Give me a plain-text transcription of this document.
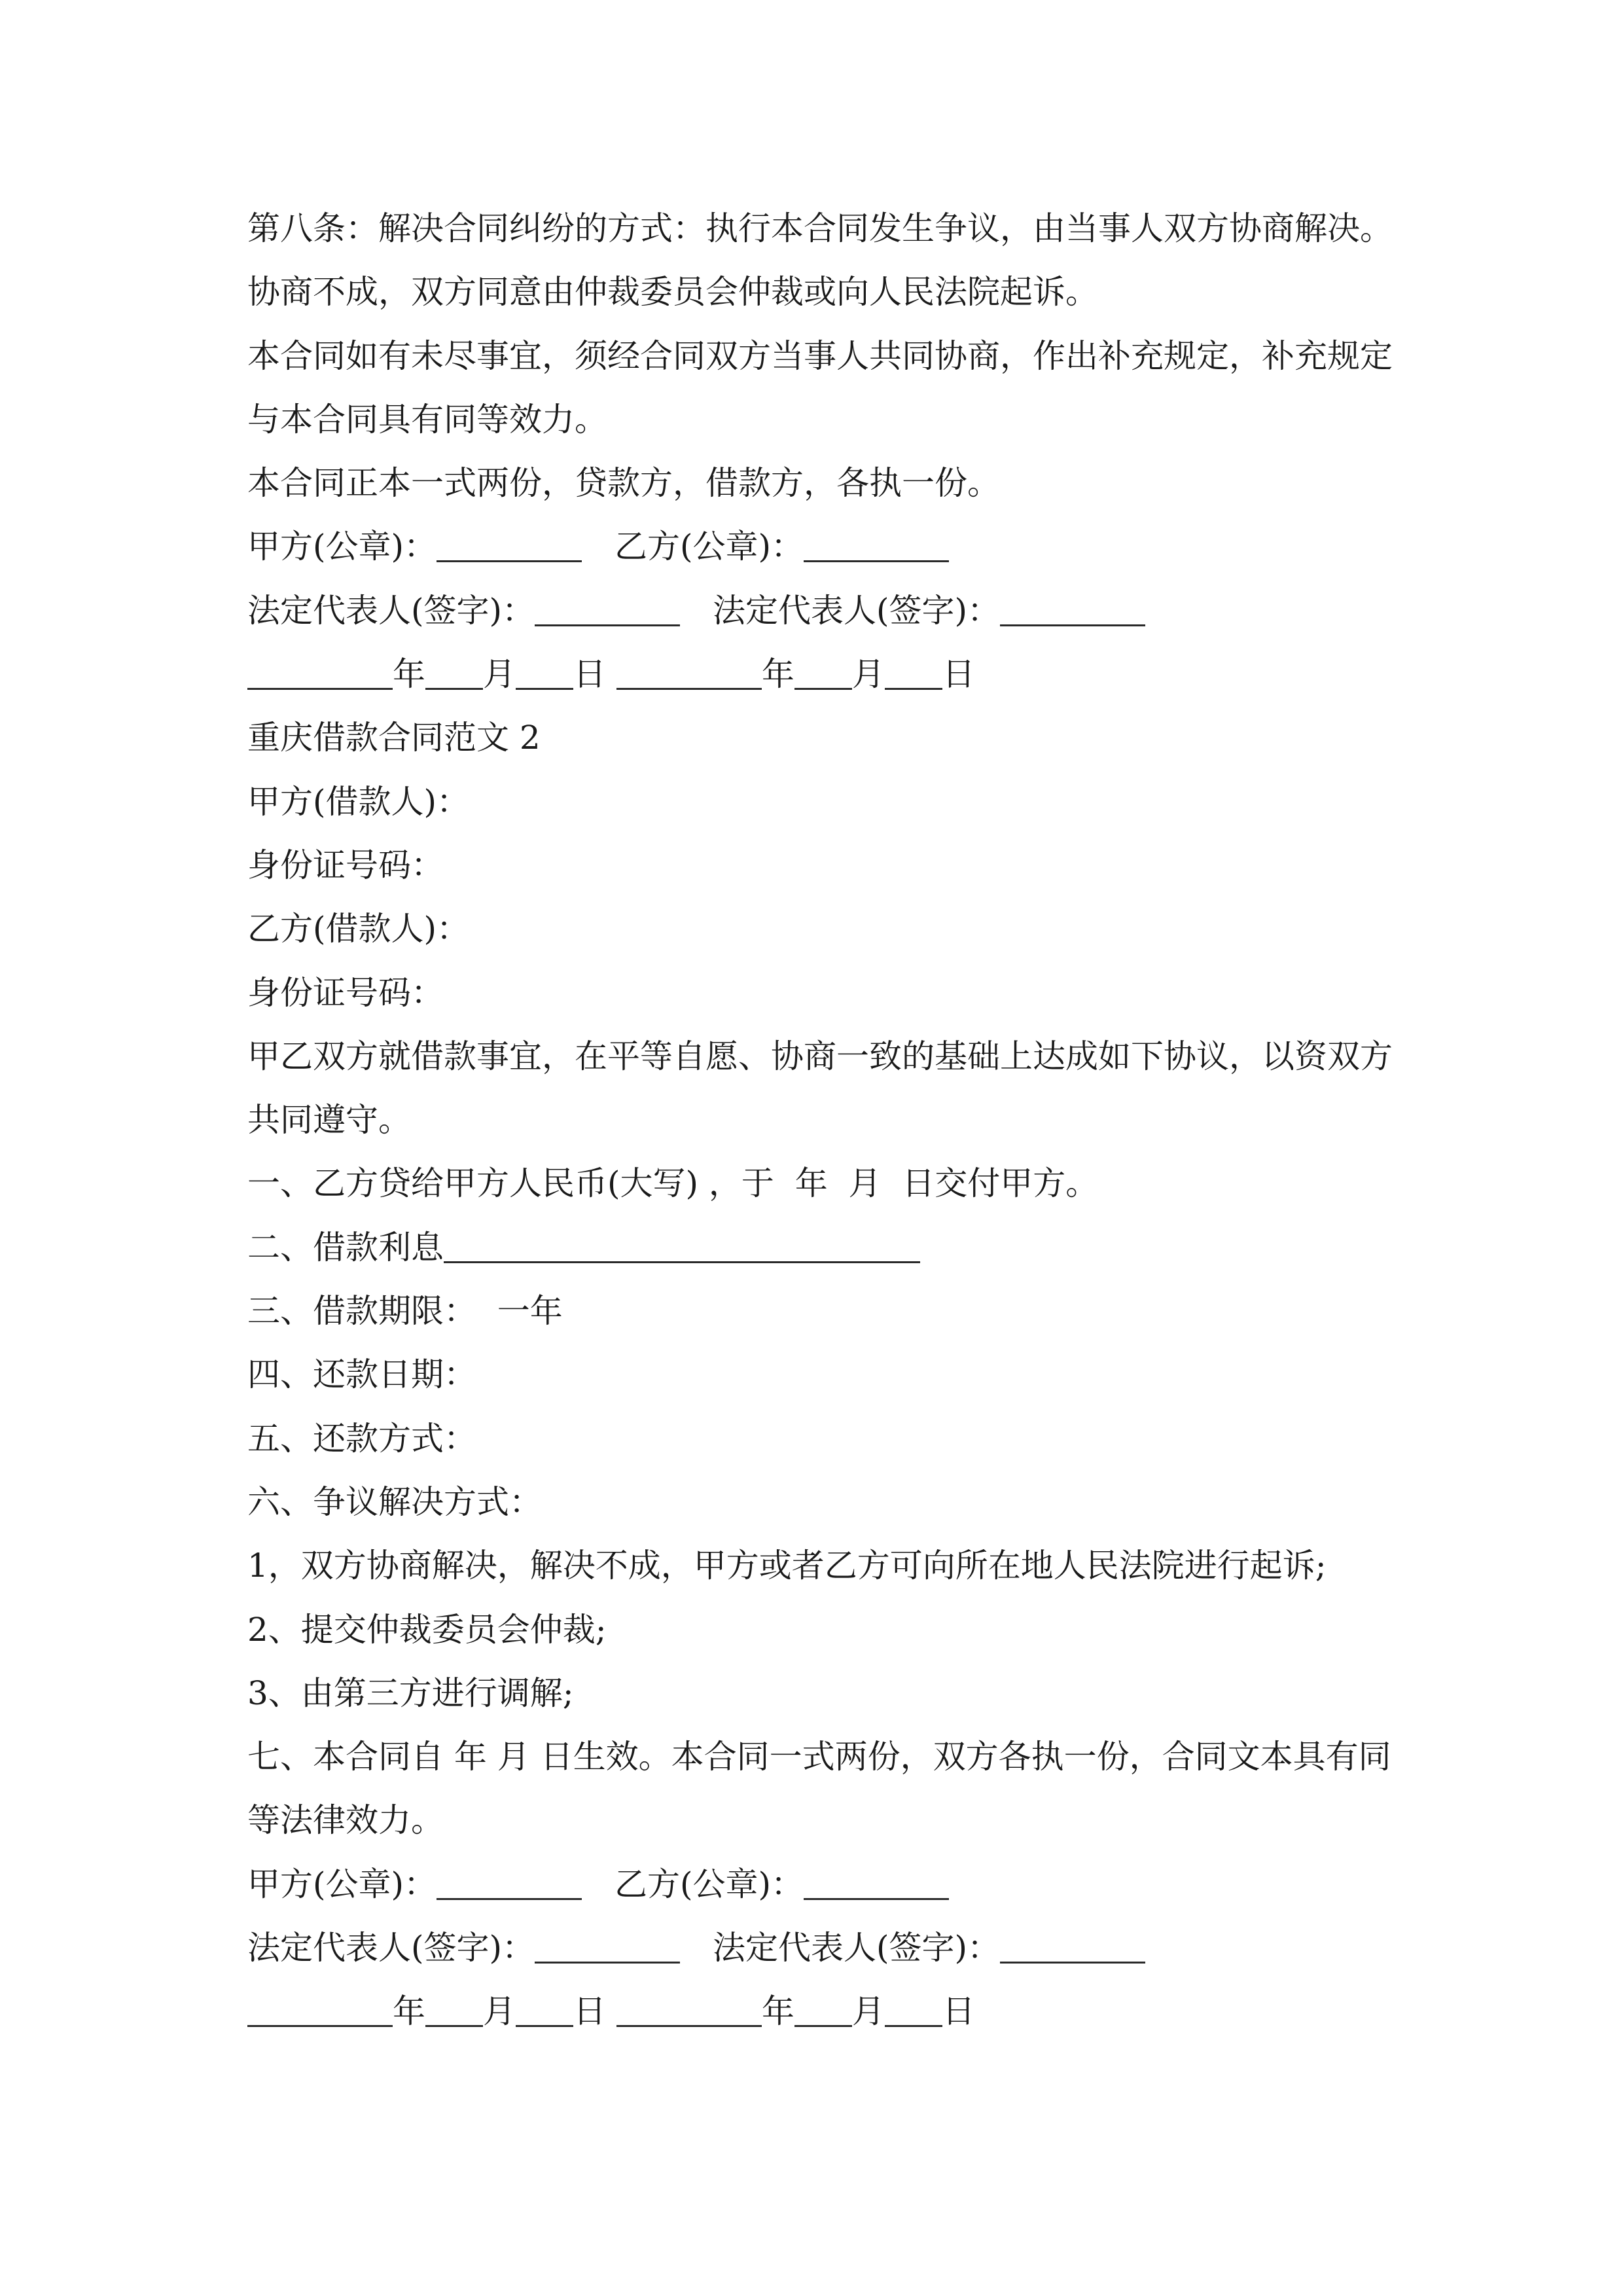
第八条：解决合同纠纷的方式：执行本合同发生争议，由当事人双方协商解决。
协商不成，双方同意由仲裁委员会仲裁或向人民法院起诉。
本合同如有未尽事宜，须经合同双方当事人共同协商，作出补充规定，补充规定
与本合同具有同等效力。
本合同正本一式两份，贷款方，借款方，各执一份。
甲方(公章)：	　乙方(公章)：
法定代表人(签字)：	　法定代表人(签字)：
年 月 日	年 月 日
重庆借款合同范文 2
甲方(借款人)：
身份证号码：
乙方(借款人)：
身份证号码：
甲乙双方就借款事宜，在平等自愿、协商一致的基础上达成如下协议，以资双方
共同遵守。
一、乙方贷给甲方人民币(大写) ，于  年  月  日交付甲方。
二、借款利息
三、借款期限：  一年
四、还款日期：
五、还款方式：
六、争议解决方式：
1，双方协商解决，解决不成，甲方或者乙方可向所在地人民法院进行起诉;
2、提交仲裁委员会仲裁;
3、由第三方进行调解;
七、本合同自 年 月 日生效。本合同一式两份，双方各执一份，合同文本具有同
等法律效力。
甲方(公章)：	　乙方(公章)：
法定代表人(签字)：	　法定代表人(签字)：
年 月 日	年 月 日
